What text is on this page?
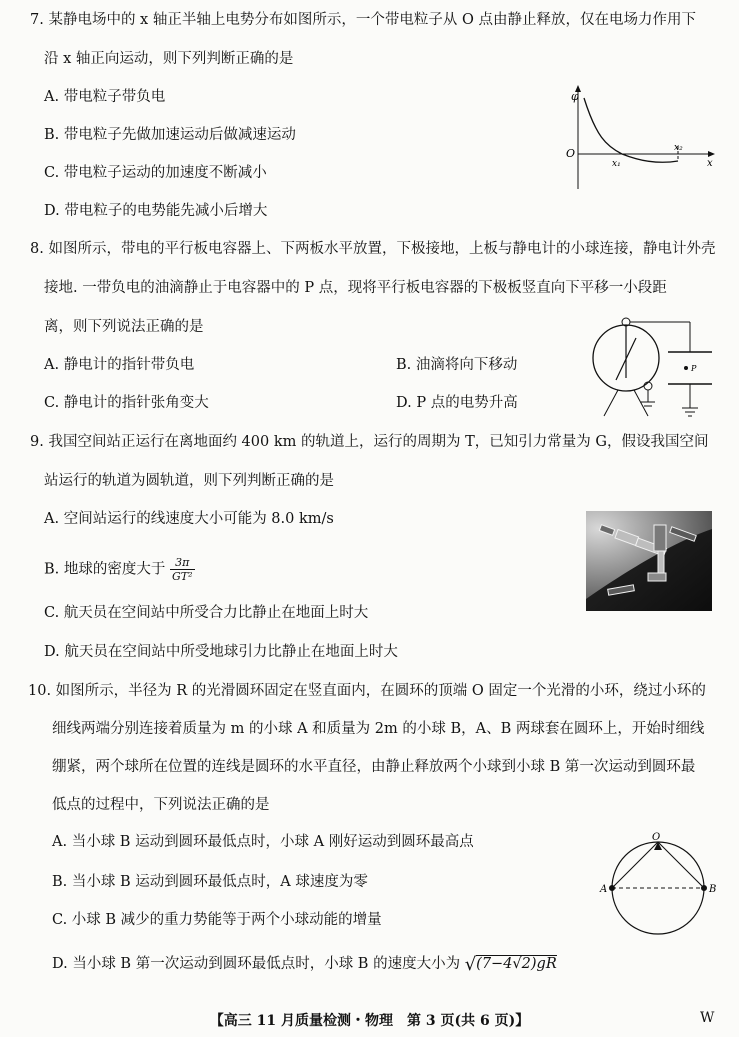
7. 某静电场中的 x 轴正半轴上电势分布如图所示，一个带电粒子从 O 点由静止释放，仅在电场力作用下
沿 x 轴正向运动，则下列判断正确的是
A. 带电粒子带负电
B. 带电粒子先做加速运动后做减速运动
C. 带电粒子运动的加速度不断减小
D. 带电粒子的电势能先减小后增大
φ
O
x₁
x₂
x
8. 如图所示，带电的平行板电容器上、下两板水平放置，下极接地，上板与静电计的小球连接，静电计外壳
接地. 一带负电的油滴静止于电容器中的 P 点，现将平行板电容器的下极板竖直向下平移一小段距
离，则下列说法正确的是
A. 静电计的指针带负电	B. 油滴将向下移动
C. 静电计的指针张角变大	D. P 点的电势升高
P
9. 我国空间站正运行在离地面约 400 km 的轨道上，运行的周期为 T，已知引力常量为 G，假设我国空间
站运行的轨道为圆轨道，则下列判断正确的是
A. 空间站运行的线速度大小可能为 8.0 km/s
B. 地球的密度大于 $\frac{3\pi}{\text{GT²}}$
C. 航天员在空间站中所受合力比静止在地面上时大
D. 航天员在空间站中所受地球引力比静止在地面上时大
10. 如图所示，半径为 R 的光滑圆环固定在竖直面内，在圆环的顶端 O 固定一个光滑的小环，绕过小环的
细线两端分别连接着质量为 m 的小球 A 和质量为 2m 的小球 B，A、B 两球套在圆环上，开始时细线
绷紧，两个球所在位置的连线是圆环的水平直径，由静止释放两个小球到小球 B 第一次运动到圆环最
低点的过程中，下列说法正确的是
A. 当小球 B 运动到圆环最低点时，小球 A 刚好运动到圆环最高点
B. 当小球 B 运动到圆环最低点时，A 球速度为零
C. 小球 B 减少的重力势能等于两个小球动能的增量
D. 当小球 B 第一次运动到圆环最低点时，小球 B 的速度大小为 √(7−4√2)gR
O
A	B
【高三 11 月质量检测・物理　第 3 页(共 6 页)】	W
